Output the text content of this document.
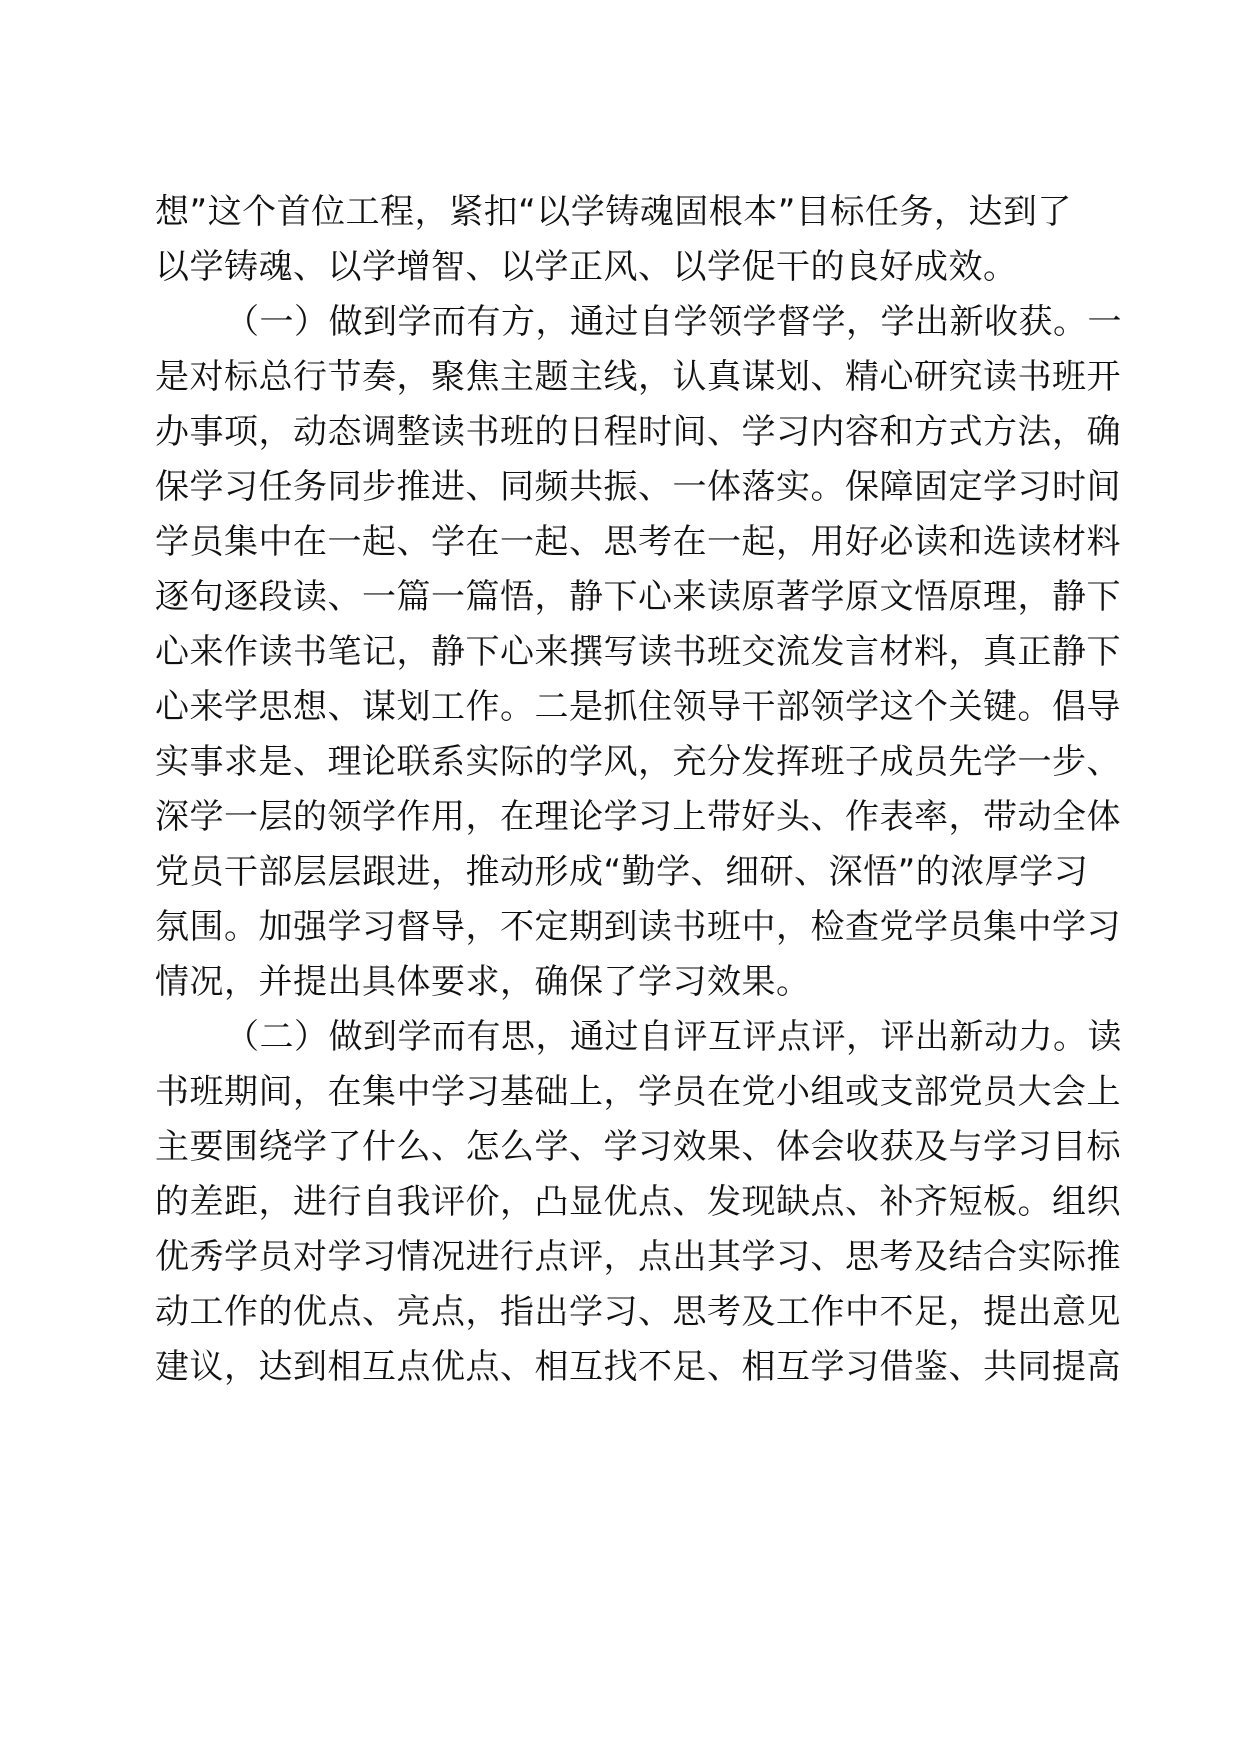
想”这个首位工程，紧扣“以学铸魂固根本”目标任务，达到了
以学铸魂、以学增智、以学正风、以学促干的良好成效。
（一）做到学而有方，通过自学领学督学，学出新收获。一
是对标总行节奏，聚焦主题主线，认真谋划、精心研究读书班开
办事项，动态调整读书班的日程时间、学习内容和方式方法，确
保学习任务同步推进、同频共振、一体落实。保障固定学习时间
学员集中在一起、学在一起、思考在一起，用好必读和选读材料
逐句逐段读、一篇一篇悟，静下心来读原著学原文悟原理，静下
心来作读书笔记，静下心来撰写读书班交流发言材料，真正静下
心来学思想、谋划工作。二是抓住领导干部领学这个关键。倡导
实事求是、理论联系实际的学风，充分发挥班子成员先学一步、
深学一层的领学作用，在理论学习上带好头、作表率，带动全体
党员干部层层跟进，推动形成“勤学、细研、深悟”的浓厚学习
氛围。加强学习督导，不定期到读书班中，检查党学员集中学习
情况，并提出具体要求，确保了学习效果。
（二）做到学而有思，通过自评互评点评，评出新动力。读
书班期间，在集中学习基础上，学员在党小组或支部党员大会上
主要围绕学了什么、怎么学、学习效果、体会收获及与学习目标
的差距，进行自我评价，凸显优点、发现缺点、补齐短板。组织
优秀学员对学习情况进行点评，点出其学习、思考及结合实际推
动工作的优点、亮点，指出学习、思考及工作中不足，提出意见
建议，达到相互点优点、相互找不足、相互学习借鉴、共同提高
